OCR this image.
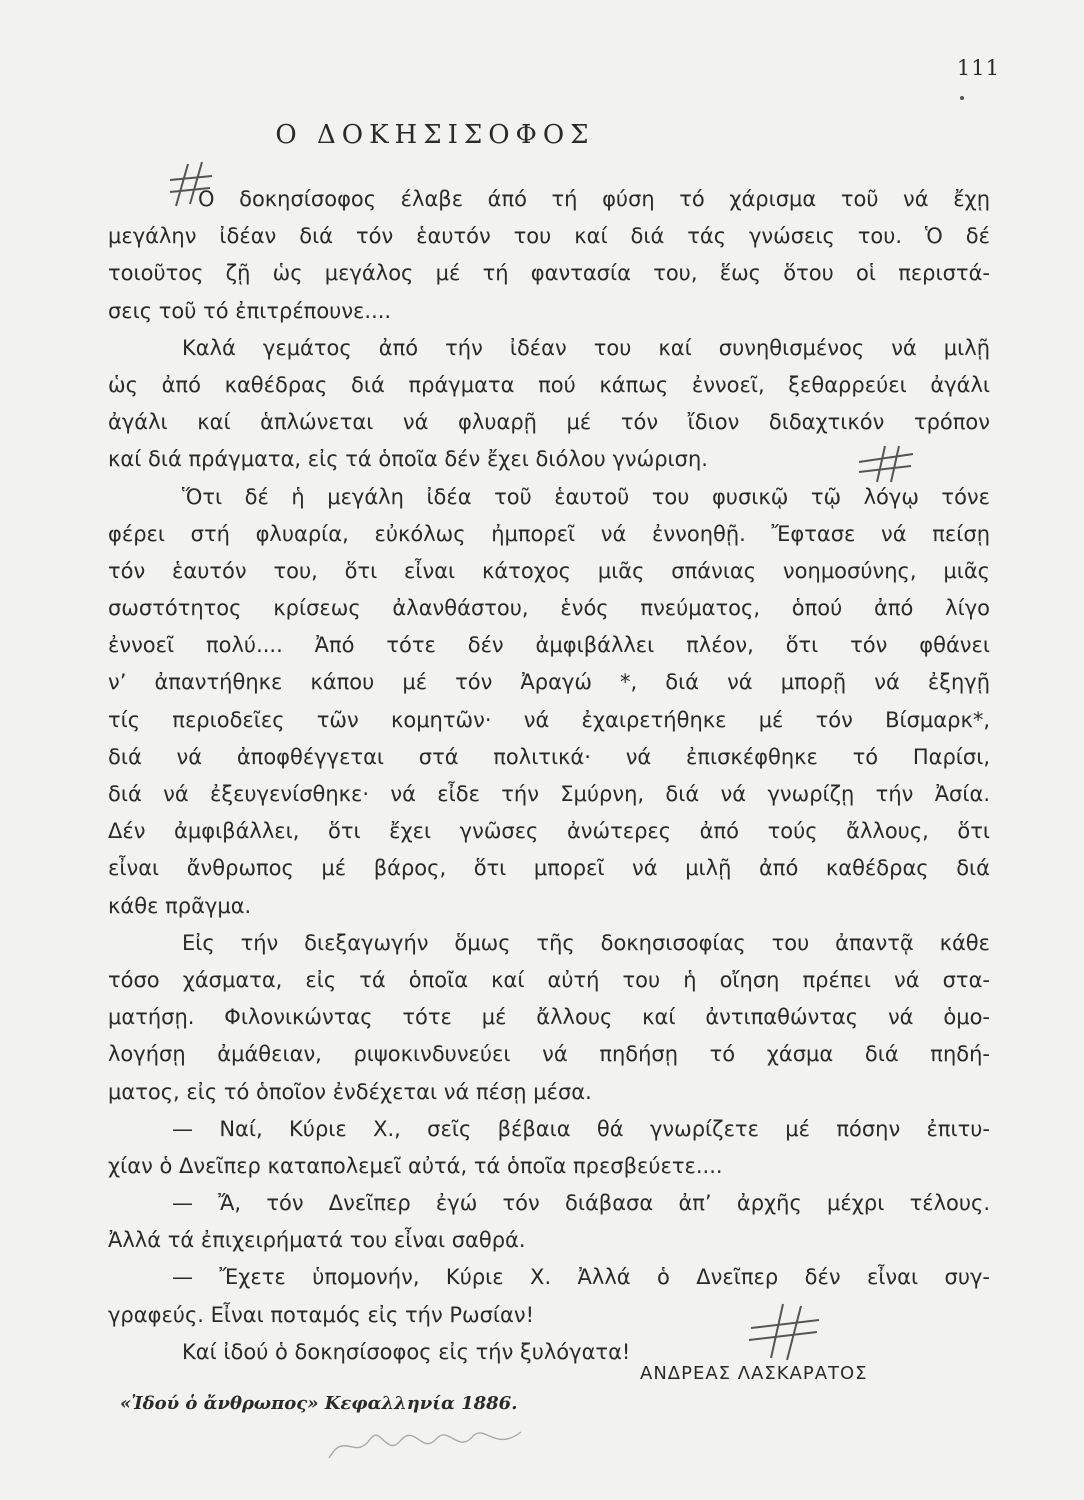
111
Ο ΔΟΚΗΣΙΣΟΦΟΣ
Ο δοκησίσοφος έλαβε άπό τή φύση τό χάρισμα τοῦ νά ἔχῃ
μεγάλην ἰδέαν διά τόν ἑαυτόν του καί διά τάς γνώσεις του. Ὁ δέ
τοιοῦτος ζῇ ὡς μεγάλος μέ τή φαντασία του, ἕως ὅτου οἱ περιστά-
σεις τοῦ τό ἐπιτρέπουνε....
Καλά γεμάτος ἀπό τήν ἰδέαν του καί συνηθισμένος νά μιλῇ
ὡς ἀπό καθέδρας διά πράγματα πού κάπως ἐννοεῖ, ξεθαρρεύει ἀγάλι
ἀγάλι καί ἁπλώνεται νά φλυαρῇ μέ τόν ἴδιον διδαχτικόν τρόπον
καί διά πράγματα, εἰς τά ὁποῖα δέν ἔχει διόλου γνώριση.
Ὅτι δέ ἡ μεγάλη ἰδέα τοῦ ἑαυτοῦ του φυσικῷ τῷ λόγῳ τόνε
φέρει στή φλυαρία, εὐκόλως ἠμπορεῖ νά ἐννοηθῇ. Ἔφτασε νά πείσῃ
τόν ἑαυτόν του, ὅτι εἶναι κάτοχος μιᾶς σπάνιας νοημοσύνης, μιᾶς
σωστότητος κρίσεως ἀλανθάστου, ἑνός πνεύματος, ὁπού ἀπό λίγο
ἐννοεῖ πολύ.... Ἀπό τότε δέν ἀμφιβάλλει πλέον, ὅτι τόν φθάνει
ν’ ἀπαντήθηκε κάπου μέ τόν Ἀραγώ *, διά νά μπορῇ νά ἐξηγῇ
τίς περιοδεῖες τῶν κομητῶν· νά ἐχαιρετήθηκε μέ τόν Βίσμαρκ*,
διά νά ἀποφθέγγεται στά πολιτικά· νά ἐπισκέφθηκε τό Παρίσι,
διά νά ἐξευγενίσθηκε· νά εἶδε τήν Σμύρνη, διά νά γνωρίζῃ τήν Ἀσία.
Δέν ἀμφιβάλλει, ὅτι ἔχει γνῶσες ἀνώτερες ἀπό τούς ἄλλους, ὅτι
εἶναι ἄνθρωπος μέ βάρος, ὅτι μπορεῖ νά μιλῇ ἀπό καθέδρας διά
κάθε πρᾶγμα.
Εἰς τήν διεξαγωγήν ὅμως τῆς δοκησισοφίας του ἀπαντᾷ κάθε
τόσο χάσματα, εἰς τά ὁποῖα καί αὐτή του ἡ οἴηση πρέπει νά στα-
ματήσῃ. Φιλονικώντας τότε μέ ἄλλους καί ἀντιπαθώντας νά ὁμο-
λογήσῃ ἀμάθειαν, ριψοκινδυνεύει νά πηδήσῃ τό χάσμα διά πηδή-
ματος, εἰς τό ὁποῖον ἐνδέχεται νά πέσῃ μέσα.
— Ναί, Κύριε Χ., σεῖς βέβαια θά γνωρίζετε μέ πόσην ἐπιτυ-
χίαν ὁ Δνεῖπερ καταπολεμεῖ αὐτά, τά ὁποῖα πρεσβεύετε....
— Ἄ, τόν Δνεῖπερ ἐγώ τόν διάβασα ἀπ’ ἀρχῆς μέχρι τέλους.
Ἀλλά τά ἐπιχειρήματά του εἶναι σαθρά.
— Ἔχετε ὑπομονήν, Κύριε Χ. Ἀλλά ὁ Δνεῖπερ δέν εἶναι συγ-
γραφεύς. Εἶναι ποταμός εἰς τήν Ρωσίαν!
Καί ἰδού ὁ δοκησίσοφος εἰς τήν ξυλόγατα!
ΑΝΔΡΕΑΣ ΛΑΣΚΑΡΑΤΟΣ
«Ἰδού ὁ ἄνθρωπος» Κεφαλληνία 1886.
